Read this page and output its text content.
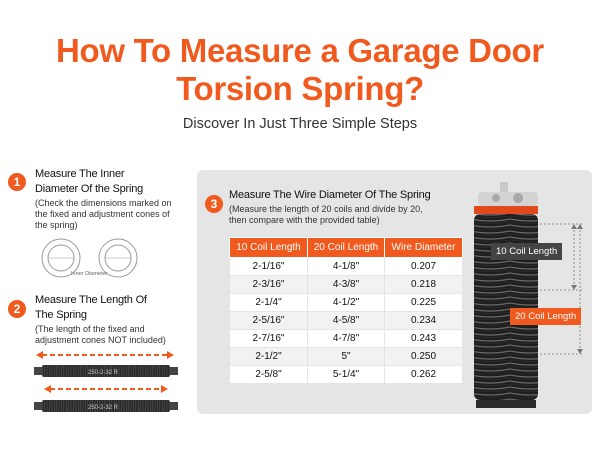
How To Measure a Garage Door
Torsion Spring?
Discover In Just Three Simple Steps
1
Measure The Inner
Diameter Of the Spring
(Check the dimensions marked on
the fixed and adjustment cones of
the spring)
Inner Diameter
2
Measure The Length Of
The Spring
(The length of the fixed and
adjustment cones NOT included)
250-2-32 R
250-2-32 R
3
Measure The Wire Diameter Of The Spring
(Measure the length of 20 coils and divide by 20,
then compare with the provided table)
10 Coil Length	20 Coil Length	Wire Diameter
2-1/16"	4-1/8"	0.207
2-3/16"	4-3/8"	0.218
2-1/4"	4-1/2"	0.225
2-5/16"	4-5/8"	0.234
2-7/16"	4-7/8"	0.243
2-1/2"	5"	0.250
2-5/8"	5-1/4"	0.262
10 Coil Length
20 Coil Length
